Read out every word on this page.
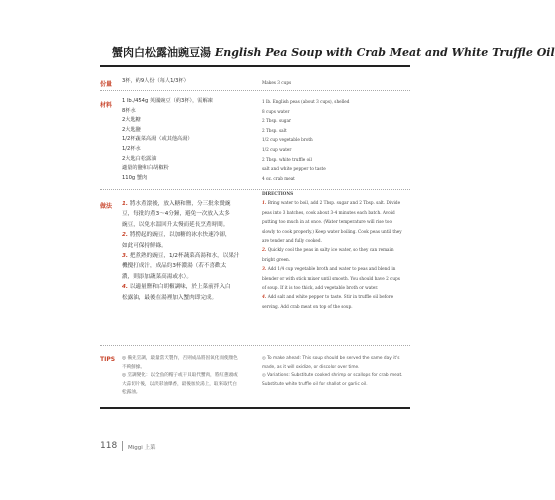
蟹肉白松露油豌豆湯 English Pea Soup with Crab Meat and White Truffle Oil
份量 3杯，約9人份（每人1/3杯）	Makes 3 cups
材料
1 lb./454g 英國豌豆（約3杯），需解凍
8杯水
2大匙糖
2大匙鹽
1/2杯蔬菜高湯（或其他高湯）
1/2杯水
2大匙白松露油
適量的鹽和白胡椒粉
110g 蟹肉
1 lb. English peas (about 3 cups), shelled
8 cups water
2 Tbsp. sugar
2 Tbsp. salt
1/2 cup vegetable broth
1/2 cup water
2 Tbsp. white truffle oil
salt and white pepper to taste
4 oz. crab meat
做法 1. 將水煮滾後，放入糖和鹽，分三批汆燙豌
豆，每批約煮3～4分鐘，避免一次放入太多
豌豆，以免水溫回升太慢而延長烹煮時間。
2. 將撈起的豌豆，以加糖的冰水快速冷卻，
如此可保持鮮綠。
3. 把煮熟的豌豆，1/2杯蔬菜高湯和水，以果汁
機攪打成汁，成品約3杯濃湯（若不喜歡太
濃，則添加蔬菜高湯或水）。
4. 以適量鹽和白胡椒調味，於上菜前拌入白
松露油，最後在湯裡加入蟹肉即完成。
DIRECTIONS
1. Bring water to boil, add 2 Tbsp. sugar and 2 Tbsp. salt. Divide
peas into 3 batches, cook about 3-4 minutes each batch. Avoid
putting too much in at once. (Water temperature will rise too
slowly to cook properly.) Keep water boiling. Cook peas until they
are tender and fully cooked.
2. Quickly cool the peas in salty ice water, so they can remain
bright green.
3. Add 1/4 cup vegetable broth and water to peas and blend in
blender or with stick mixer until smooth. You should have 2 cups
of soup. If it is too thick, add vegetable broth or water.
4. Add salt and white pepper to taste. Stir in truffle oil before
serving. Add crab meat on top of the soup.
TIPS ◎ 備先烹調，最量當天製作，否則成品將因氧化而使顏色
不夠鮮綠。
◎ 烹調變化：以全魚的帽子或干貝取代蟹肉，將紅蔥頭或
大蒜切片後，以淡彩油爆香，最後加於湯上，取來取代白
松露油。
◎ To make ahead: This soup should be served the same day it's
made, as it will oxidize, or discolor over time.
◎ Variations: Substitute cooked shrimp or scallops for crab meat.
Substitute white truffle oil for shallot or garlic oil.
118 Miggi 上菜
